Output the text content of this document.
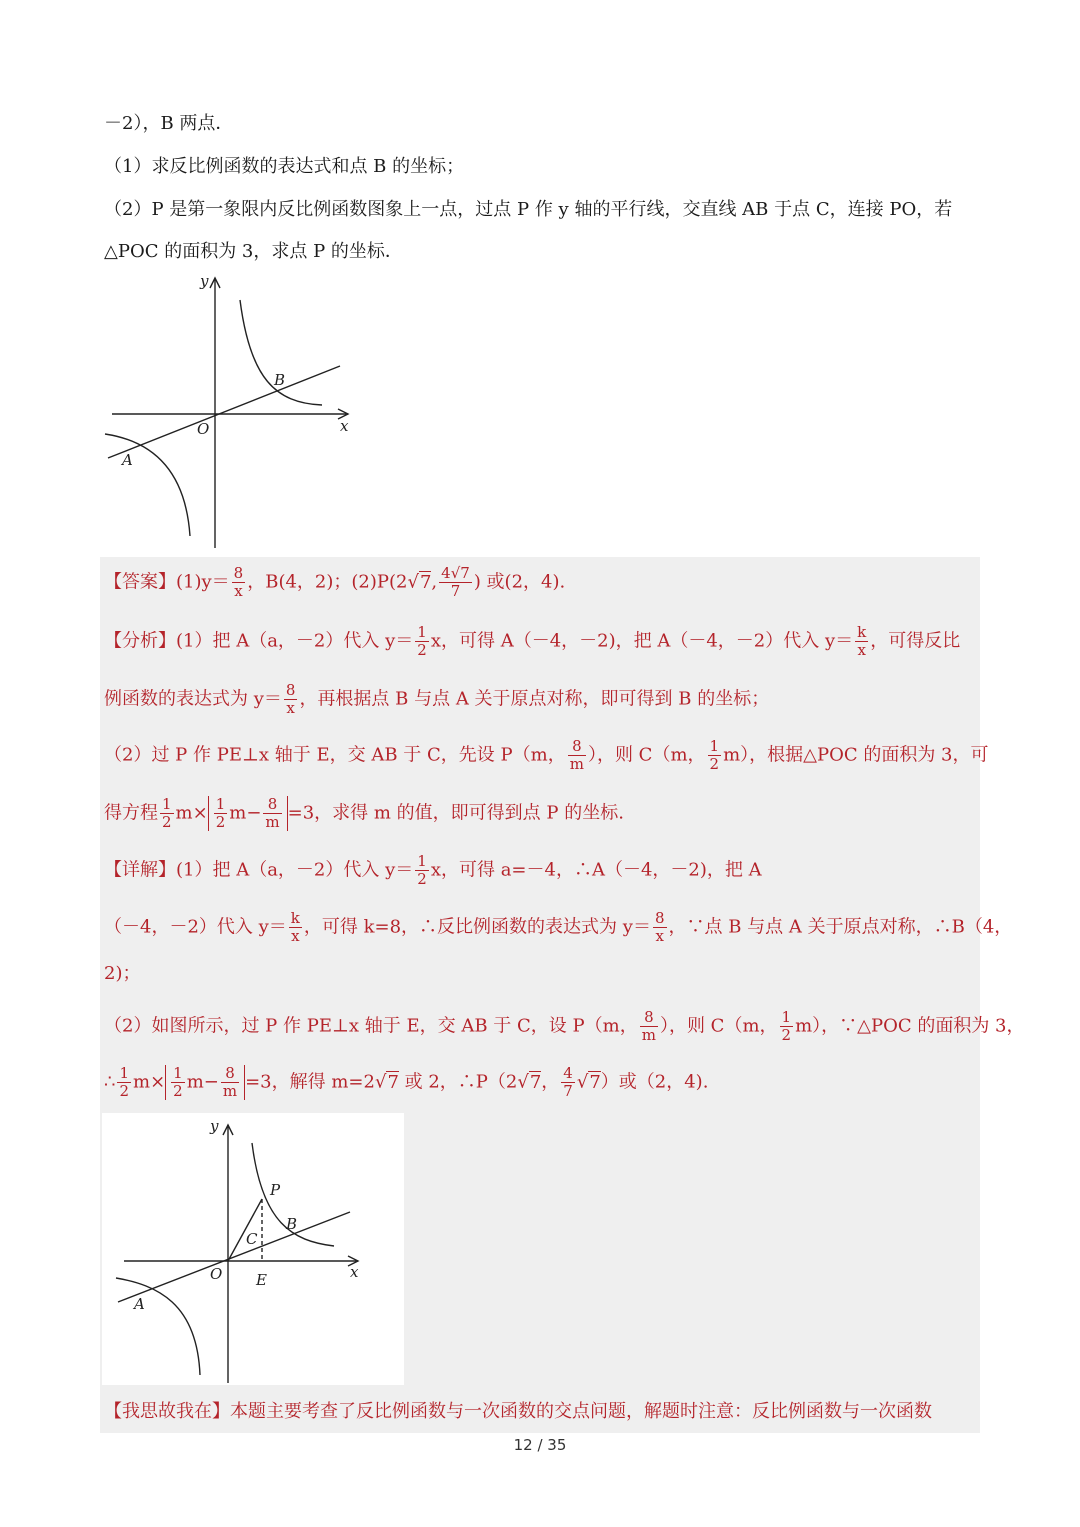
－2），B 两点．
（1）求反比例函数的表达式和点 B 的坐标；
（2）P 是第一象限内反比例函数图象上一点，过点 P 作 y 轴的平行线，交直线 AB 于点 C，连接 PO，若
△POC 的面积为 3，求点 P 的坐标．
y
x
O
A
B
【答案】$(1)y= \frac{8}{x}$ ，B(4，2)；(2)P(2√7, $\frac{4√7}{7}$ ) 或(2，4).
【分析】(1）把 A（a，－2）代入 $y= \frac{1}{2}$ x，可得 A（－4，－2)，把 A（－4，－2）代入 $y= \frac{k}{x}$ ，可得反比
例函数的表达式为 $y= \frac{8}{x}$ ，再根据点 B 与点 A 关于原点对称，即可得到 B 的坐标；
（2）过 P 作 PE⊥x 轴于 E，交 AB 于 C，先设 P（m， $\frac{8}{m}$ ），则 C（m， $\frac{1}{2} m$），根据△POC 的面积为 3，可
得方程 $\frac{1}{2} m\times \frac{1}{2} m- \frac{8}{m} =3$，求得 m 的值，即可得到点 P 的坐标.
【详解】(1）把 A（a，－2）代入 $y= \frac{1}{2}$ x，可得 a=－4，∴A（－4，－2)，把 A
（－4，－2）代入 $y= \frac{k}{x}$ ，可得 k=8，∴反比例函数的表达式为 $y= \frac{8}{x}$ ，∵点 B 与点 A 关于原点对称，∴B（4，
2)；
（2）如图所示，过 P 作 PE⊥x 轴于 E，交 AB 于 C，设 P（m， $\frac{8}{m}$ ），则 C（m， $\frac{1}{2} m$），∵△POC 的面积为 3，
∴ $\frac{1}{2} m\times \frac{1}{2} m- \frac{8}{m} =3$，解得 m=2√7 或 2，∴P（2√7， $\frac{4}{7} √7$）或（2，4).
y
x
O
A
B
P
C
E
【我思故我在】本题主要考查了反比例函数与一次函数的交点问题，解题时注意：反比例函数与一次函数
12 / 35
